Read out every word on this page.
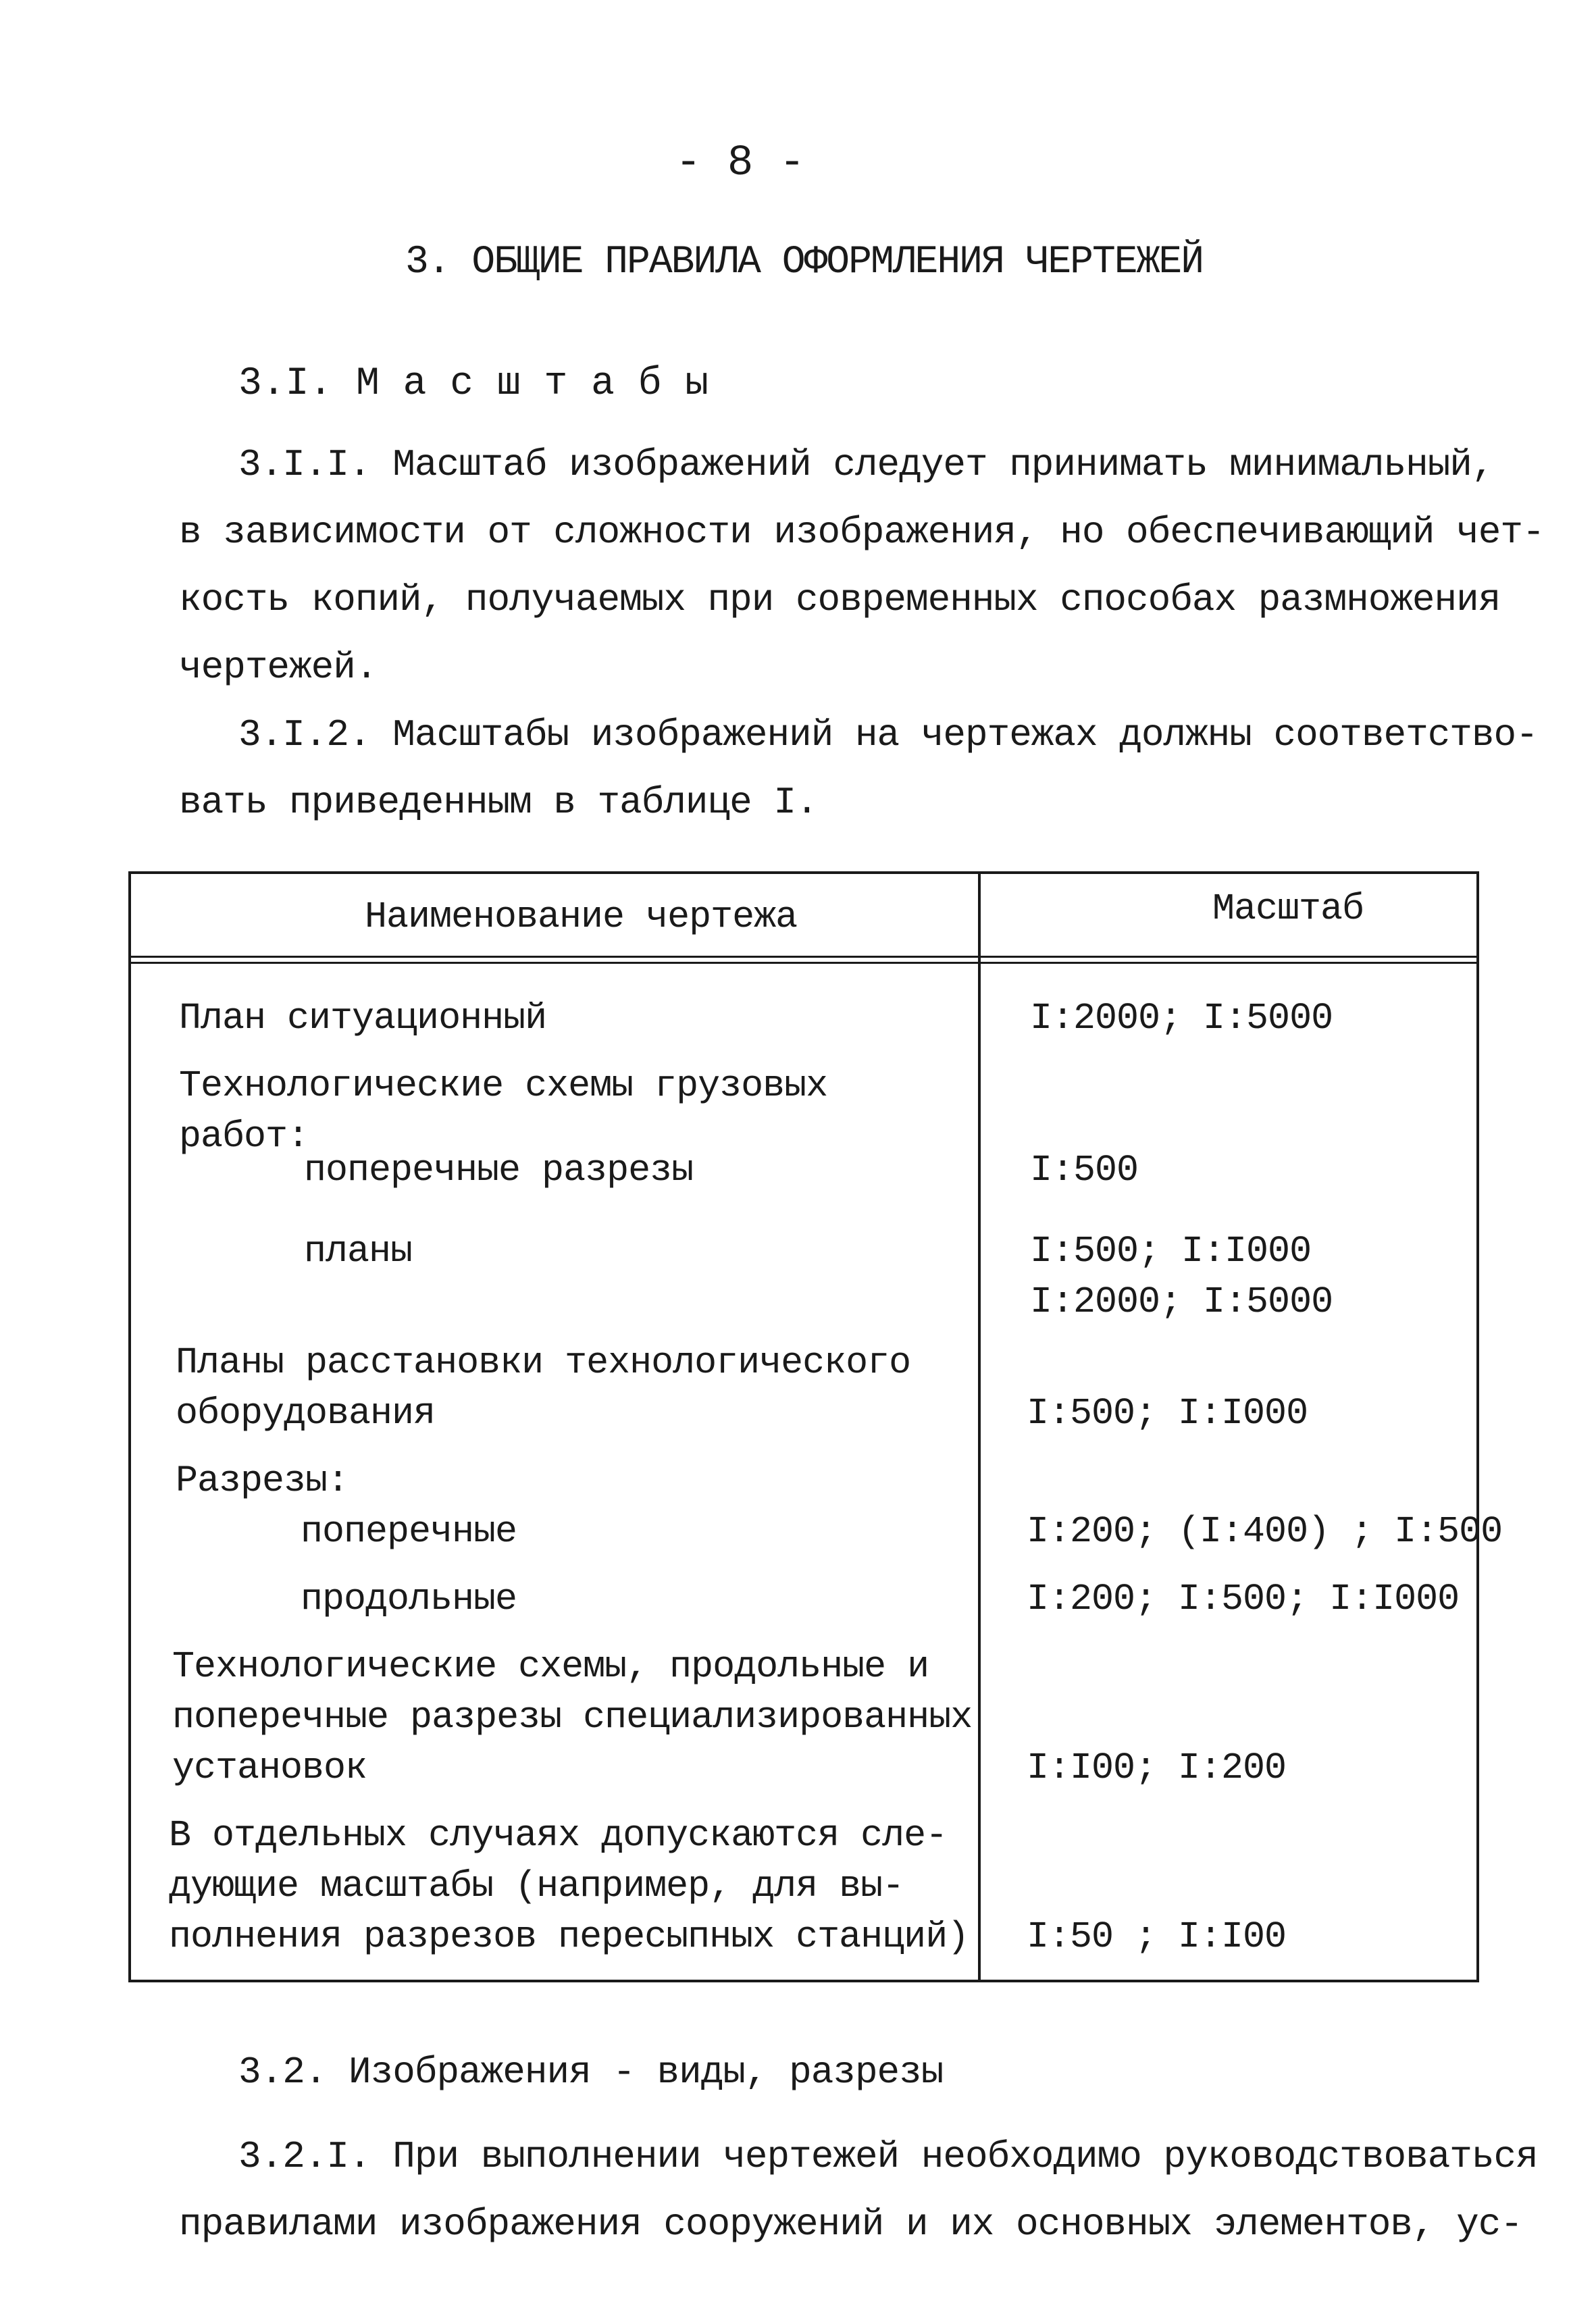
- 8 -
3. ОБЩИЕ ПРАВИЛА ОФОРМЛЕНИЯ ЧЕРТЕЖЕЙ
3.I. М а с ш т а б ы
3.I.I. Масштаб изображений следует принимать минимальный,
в зависимости от сложности изображения, но обеспечивающий чет-
кость копий, получаемых при современных способах размножения
чертежей.
3.I.2. Масштабы изображений на чертежах должны соответство-
вать приведенным в таблице I.
Наименование чертежа	Масштаб
План ситуационный
Технологические схемы грузовых
работ:
поперечные разрезы
планы
Планы расстановки технологического
оборудования
Разрезы:
поперечные
продольные
Технологические схемы, продольные и
поперечные разрезы специализированных
установок
В отдельных случаях допускаются сле-
дующие масштабы (например, для вы-
полнения разрезов пересыпных станций)
I:2000; I:5000
I:500
I:500; I:I000
I:2000; I:5000
I:500; I:I000
I:200; (I:400) ; I:500
I:200; I:500; I:I000
I:I00; I:200
I:50 ; I:I00
3.2. Изображения - виды, разрезы
3.2.I. При выполнении чертежей необходимо руководствоваться
правилами изображения сооружений и их основных элементов, ус-
